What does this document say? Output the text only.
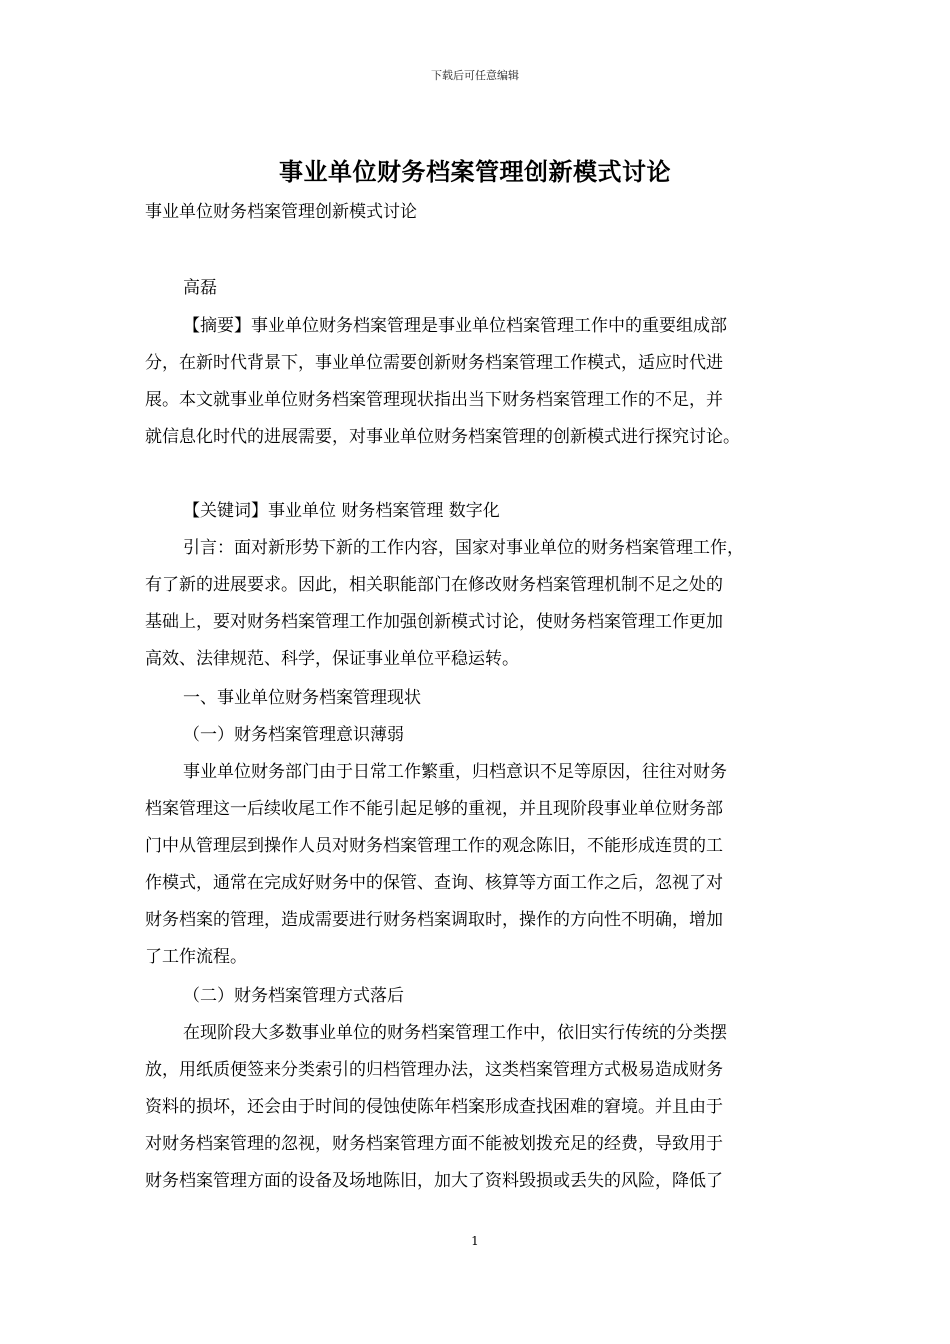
下载后可任意编辑
事业单位财务档案管理创新模式讨论
事业单位财务档案管理创新模式讨论
高磊
【摘要】事业单位财务档案管理是事业单位档案管理工作中的重要组成部
分，在新时代背景下，事业单位需要创新财务档案管理工作模式，适应时代进
展。本文就事业单位财务档案管理现状指出当下财务档案管理工作的不足，并
就信息化时代的进展需要，对事业单位财务档案管理的创新模式进行探究讨论。
【关键词】事业单位 财务档案管理 数字化
引言：面对新形势下新的工作内容，国家对事业单位的财务档案管理工作，
有了新的进展要求。因此，相关职能部门在修改财务档案管理机制不足之处的
基础上，要对财务档案管理工作加强创新模式讨论，使财务档案管理工作更加
高效、法律规范、科学，保证事业单位平稳运转。
一、事业单位财务档案管理现状
（一）财务档案管理意识薄弱
事业单位财务部门由于日常工作繁重，归档意识不足等原因，往往对财务
档案管理这一后续收尾工作不能引起足够的重视，并且现阶段事业单位财务部
门中从管理层到操作人员对财务档案管理工作的观念陈旧，不能形成连贯的工
作模式，通常在完成好财务中的保管、查询、核算等方面工作之后，忽视了对
财务档案的管理，造成需要进行财务档案调取时，操作的方向性不明确，增加
了工作流程。
（二）财务档案管理方式落后
在现阶段大多数事业单位的财务档案管理工作中，依旧实行传统的分类摆
放，用纸质便签来分类索引的归档管理办法，这类档案管理方式极易造成财务
资料的损坏，还会由于时间的侵蚀使陈年档案形成查找困难的窘境。并且由于
对财务档案管理的忽视，财务档案管理方面不能被划拨充足的经费，导致用于
财务档案管理方面的设备及场地陈旧，加大了资料毁损或丢失的风险，降低了
1
